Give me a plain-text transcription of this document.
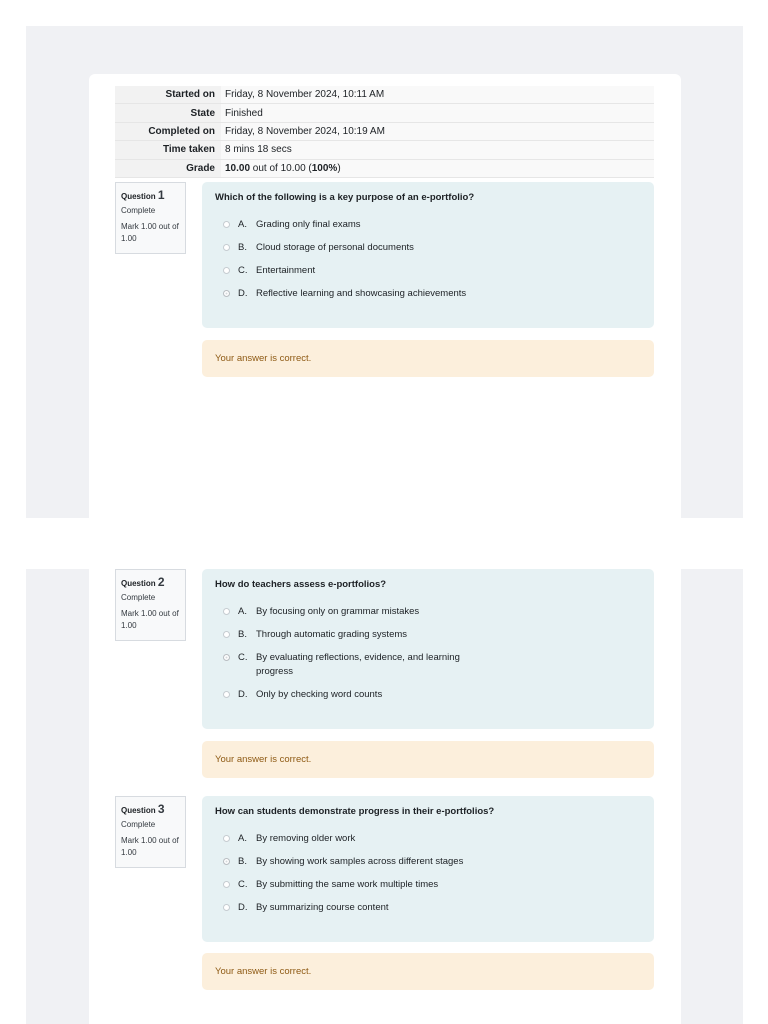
Started on	Friday, 8 November 2024, 10:11 AM
State	Finished
Completed on	Friday, 8 November 2024, 10:19 AM
Time taken	8 mins 18 secs
Grade	10.00 out of 10.00 (100%)
Question 1
Complete
Mark 1.00 out of 1.00
Which of the following is a key purpose of an e-portfolio?
A. Grading only final exams
B. Cloud storage of personal documents
C. Entertainment
D. Reflective learning and showcasing achievements
Your answer is correct.
Question 2
Complete
Mark 1.00 out of 1.00
How do teachers assess e-portfolios?
A. By focusing only on grammar mistakes
B. Through automatic grading systems
C. By evaluating reflections, evidence, and learning progress
D. Only by checking word counts
Your answer is correct.
Question 3
Complete
Mark 1.00 out of 1.00
How can students demonstrate progress in their e-portfolios?
A. By removing older work
B. By showing work samples across different stages
C. By submitting the same work multiple times
D. By summarizing course content
Your answer is correct.
